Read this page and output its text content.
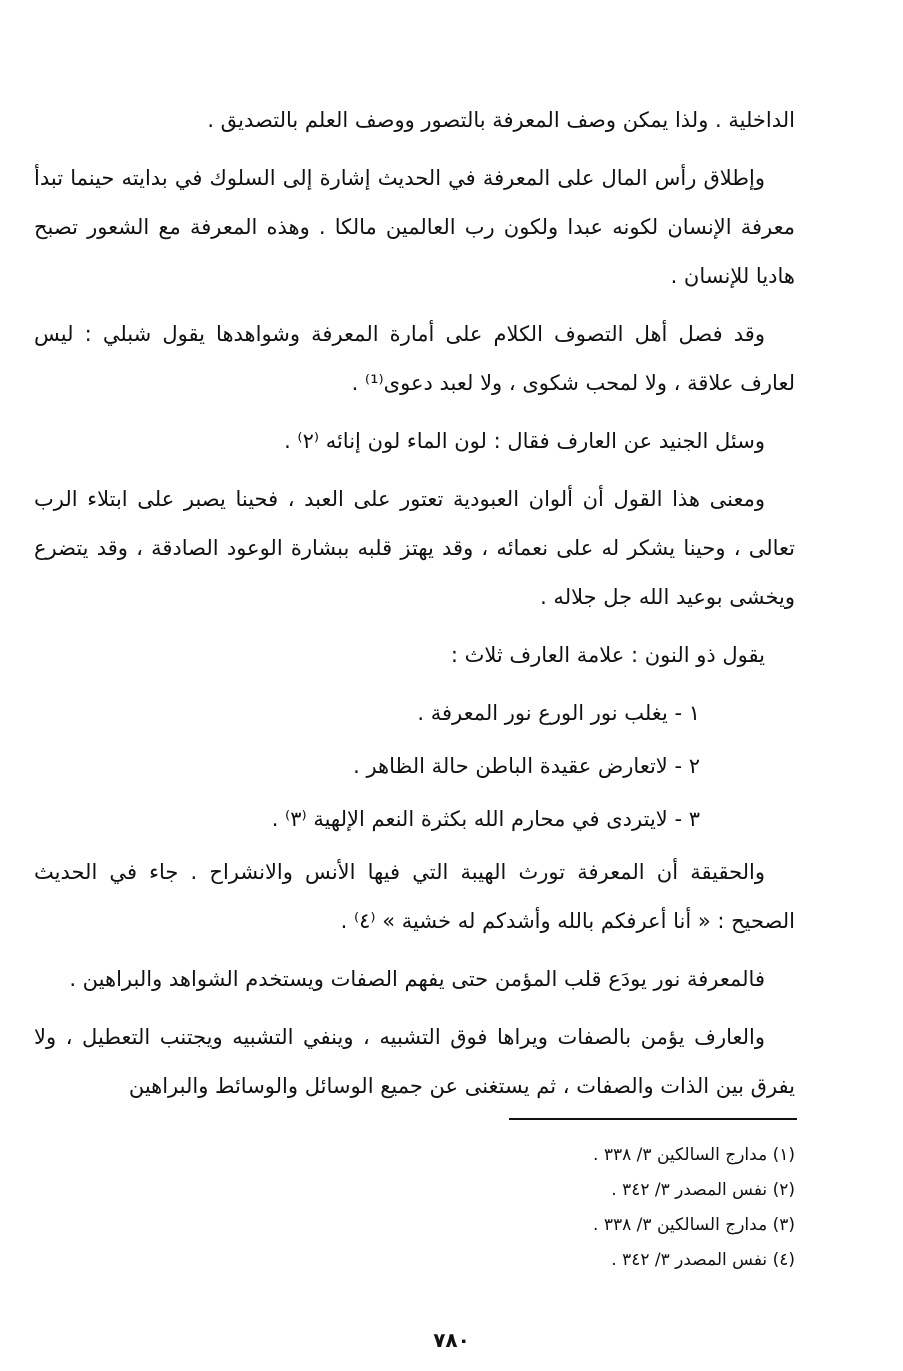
الداخلية . ولذا يمكن وصف المعرفة بالتصور ووصف العلم بالتصديق .

وإطلاق رأس المال على المعرفة في الحديث إشارة إلى السلوك في بدايته حينما تبدأ معرفة الإنسان لكونه عبدا ولكون رب العالمين مالكا . وهذه المعرفة مع الشعور تصبح هاديا للإنسان .

وقد فصل أهل التصوف الكلام على أمارة المعرفة وشواهدها يقول شبلي : ليس لعارف علاقة ، ولا لمحب شكوى ، ولا لعبد دعوى⁽¹⁾ .

وسئل الجنيد عن العارف فقال : لون الماء لون إنائه ⁽٢⁾ .

ومعنى هذا القول أن ألوان العبودية تعتور على العبد ، فحينا يصبر على ابتلاء الرب تعالى ، وحينا يشكر له على نعمائه ، وقد يهتز قلبه ببشارة الوعود الصادقة ، وقد يتضرع ويخشى بوعيد الله جل جلاله .

يقول ذو النون : علامة العارف ثلاث :

١ - يغلب نور الورع نور المعرفة .

٢ - لاتعارض عقيدة الباطن حالة الظاهر .

٣ - لايتردى في محارم الله بكثرة النعم الإلهية ⁽٣⁾ .

والحقيقة أن المعرفة تورث الهيبة التي فيها الأنس والانشراح . جاء في الحديث الصحيح : « أنا أعرفكم بالله وأشدكم له خشية » ⁽٤⁾ .

فالمعرفة نور يودَع قلب المؤمن حتى يفهم الصفات ويستخدم الشواهد والبراهين .

والعارف يؤمن بالصفات ويراها فوق التشبيه ، وينفي التشبيه ويجتنب التعطيل ، ولا يفرق بين الذات والصفات ، ثم يستغنى عن جميع الوسائل والوسائط والبراهين

(١) مدارج السالكين ٣/ ٣٣٨ .
(٢) نفس المصدر ٣/ ٣٤٢ .
(٣) مدارج السالكين ٣/ ٣٣٨ .
(٤) نفس المصدر ٣/ ٣٤٢ .
٧٨٠
